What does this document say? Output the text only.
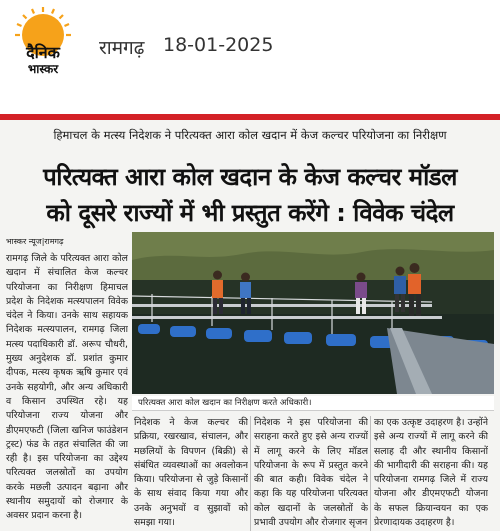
दैनिक
भास्कर
रामगढ़ 18-01-2025
हिमाचल के मत्स्य निदेशक ने परित्यक्त आरा कोल खदान में केज कल्चर परियोजना का निरीक्षण
परित्यक्त आरा कोल खदान के केज कल्चर मॉडल
को दूसरे राज्यों में भी प्रस्तुत करेंगे : विवेक चंदेल
भास्कर न्यूज|रामगढ़
रामगढ़ जिले के परित्यक्त आरा कोल खदान में संचालित केज कल्चर परियोजना का निरीक्षण हिमाचल प्रदेश के निदेशक मत्स्यपालन विवेक चंदेल ने किया। उनके साथ सहायक निदेशक मत्स्यपालन, रामगढ़ जिला मत्स्य पदाधिकारी डॉ. अरूप चौधरी, मुख्य अनुदेशक डॉ. प्रशांत कुमार दीपक, मत्स्य कृषक ऋषि कुमार एवं उनके सहयोगी, और अन्य अधिकारी व किसान उपस्थित रहे। यह परियोजना राज्य योजना और डीएमएफटी (जिला खनिज फाउंडेशन ट्रस्ट) फंड के तहत संचालित की जा रही है। इस परियोजना का उद्देश्य परित्यक्त जलस्रोतों का उपयोग करके मछली उत्पादन बढ़ाना और स्थानीय समुदायों को रोजगार के अवसर प्रदान करना है।
परित्यक्त आरा कोल खदान का निरीक्षण करते अधिकारी।
निदेशक ने केज कल्चर की प्रक्रिया, रखरखाव, संचालन, और मछलियों के विपणन (बिक्री) से संबंधित व्यवस्थाओं का अवलोकन किया। परियोजना से जुड़े किसानों के साथ संवाद किया गया और उनके अनुभवों व सुझावों को समझा गया।
निदेशक ने इस परियोजना की सराहना करते हुए इसे अन्य राज्यों में लागू करने के लिए मॉडल परियोजना के रूप में प्रस्तुत करने की बात कही। विवेक चंदेल ने कहा कि यह परियोजना परित्यक्त कोल खदानों के जलस्रोतों के प्रभावी उपयोग और रोजगार सृजन
का एक उत्कृष्ट उदाहरण है। उन्होंने इसे अन्य राज्यों में लागू करने की सलाह दी और स्थानीय किसानों की भागीदारी की सराहना की। यह परियोजना रामगढ़ जिले में राज्य योजना और डीएमएफटी योजना के सफल क्रियान्वयन का एक प्रेरणादायक उदाहरण है।
